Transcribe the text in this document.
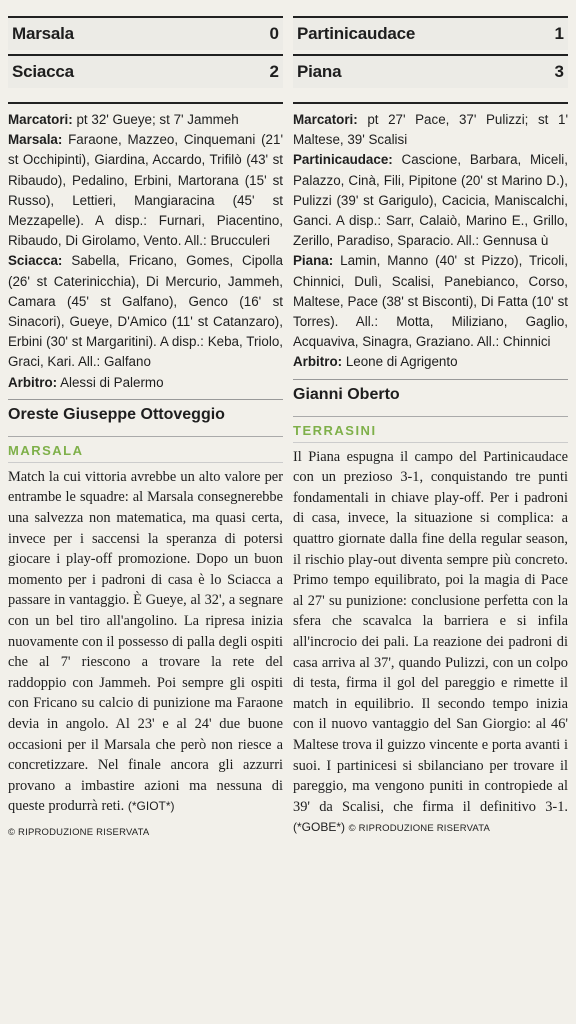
Marsala	0
Sciacca	2
Marcatori: pt 32' Gueye; st 7' Jammeh
Marsala: Faraone, Mazzeo, Cinquemani (21' st Occhipinti), Giardina, Accardo, Trifilò (43' st Ribaudo), Pedalino, Erbini, Martorana (15' st Russo), Lettieri, Mangiaracina (45' st Mezzapelle). A disp.: Furnari, Piacentino, Ribaudo, Di Girolamo, Vento. All.: Brucculeri
Sciacca: Sabella, Fricano, Gomes, Cipolla (26' st Caterinicchia), Di Mercurio, Jammeh, Camara (45' st Galfano), Genco (16' st Sinacori), Gueye, D'Amico (11' st Catanzaro), Erbini (30' st Margaritini). A disp.: Keba, Triolo, Graci, Kari. All.: Galfano
Arbitro: Alessi di Palermo
Oreste Giuseppe Ottoveggio
MARSALA
Match la cui vittoria avrebbe un alto valore per entrambe le squadre: al Marsala consegnerebbe una salvezza non matematica, ma quasi certa, invece per i saccensi la speranza di potersi giocare i play-off promozione. Dopo un buon momento per i padroni di casa è lo Sciacca a passare in vantaggio. È Gueye, al 32', a segnare con un bel tiro all'angolino. La ripresa inizia nuovamente con il possesso di palla degli ospiti che al 7' riescono a trovare la rete del raddoppio con Jammeh. Poi sempre gli ospiti con Fricano su calcio di punizione ma Faraone devia in angolo. Al 23' e al 24' due buone occasioni per il Marsala che però non riesce a concretizzare. Nel finale ancora gli azzurri provano a imbastire azioni ma nessuna di queste produrrà reti. (*GIOT*)
© RIPRODUZIONE RISERVATA
Partinicaudace	1
Piana	3
Marcatori: pt 27' Pace, 37' Pulizzi; st 1' Maltese, 39' Scalisi
Partinicaudace: Cascione, Barbara, Miceli, Palazzo, Cinà, Fili, Pipitone (20' st Marino D.), Pulizzi (39' st Garigulo), Cacicia, Maniscalchi, Ganci. A disp.: Sarr, Calaiò, Marino E., Grillo, Zerillo, Paradiso, Sparacio. All.: Gennusa ù
Piana: Lamin, Manno (40' st Pizzo), Tricoli, Chinnici, Dulì, Scalisi, Panebianco, Corso, Maltese, Pace (38' st Bisconti), Di Fatta (10' st Torres). All.: Motta, Miliziano, Gaglio, Acquaviva, Sinagra, Graziano. All.: Chinnici
Arbitro: Leone di Agrigento
Gianni Oberto
TERRASINI
Il Piana espugna il campo del Partinicaudace con un prezioso 3-1, conquistando tre punti fondamentali in chiave play-off. Per i padroni di casa, invece, la situazione si complica: a quattro giornate dalla fine della regular season, il rischio play-out diventa sempre più concreto. Primo tempo equilibrato, poi la magia di Pace al 27' su punizione: conclusione perfetta con la sfera che scavalca la barriera e si infila all'incrocio dei pali. La reazione dei padroni di casa arriva al 37', quando Pulizzi, con un colpo di testa, firma il gol del pareggio e rimette il match in equilibrio. Il secondo tempo inizia con il nuovo vantaggio del San Giorgio: al 46' Maltese trova il guizzo vincente e porta avanti i suoi. I partinicesi si sbilanciano per trovare il pareggio, ma vengono puniti in contropiede al 39' da Scalisi, che firma il definitivo 3-1. (*GOBE*) © RIPRODUZIONE RISERVATA
